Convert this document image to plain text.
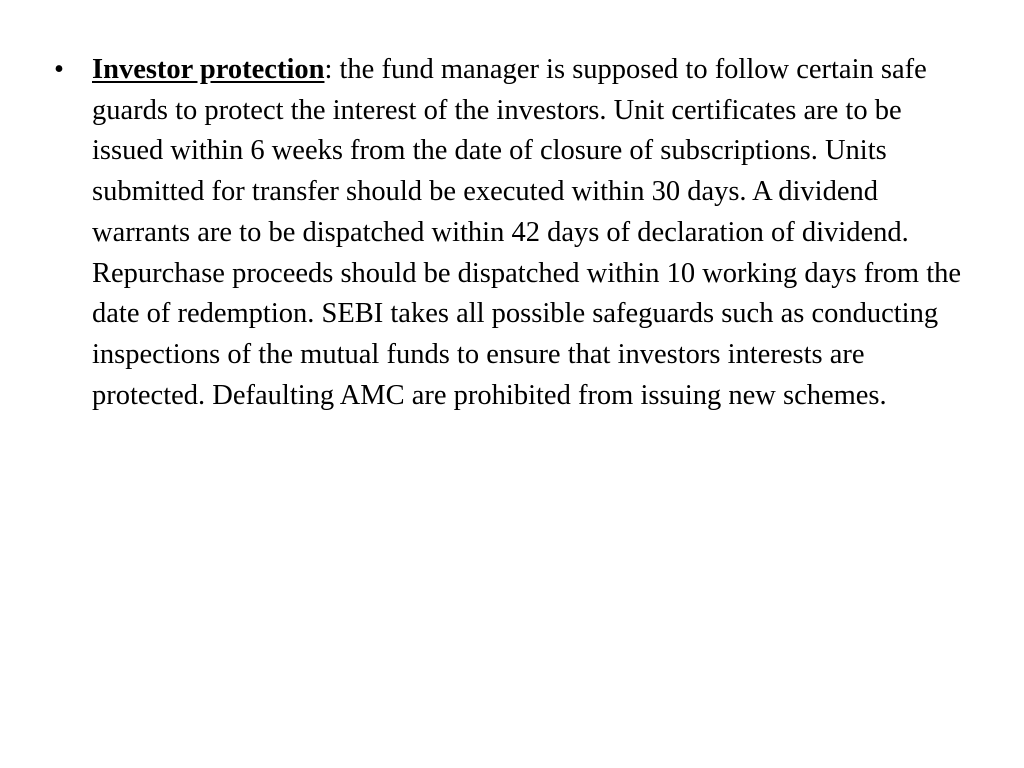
• Investor protection: the fund manager is supposed to follow certain safe guards to protect the interest of the investors. Unit certificates are to be issued within 6 weeks from the date of closure of subscriptions. Units submitted for transfer should be executed within 30 days. A dividend warrants are to be dispatched within 42 days of declaration of dividend. Repurchase proceeds should be dispatched within 10 working days from the date of redemption. SEBI takes all possible safeguards such as conducting inspections of the mutual funds to ensure that investors interests are protected. Defaulting AMC are prohibited from issuing new schemes.
